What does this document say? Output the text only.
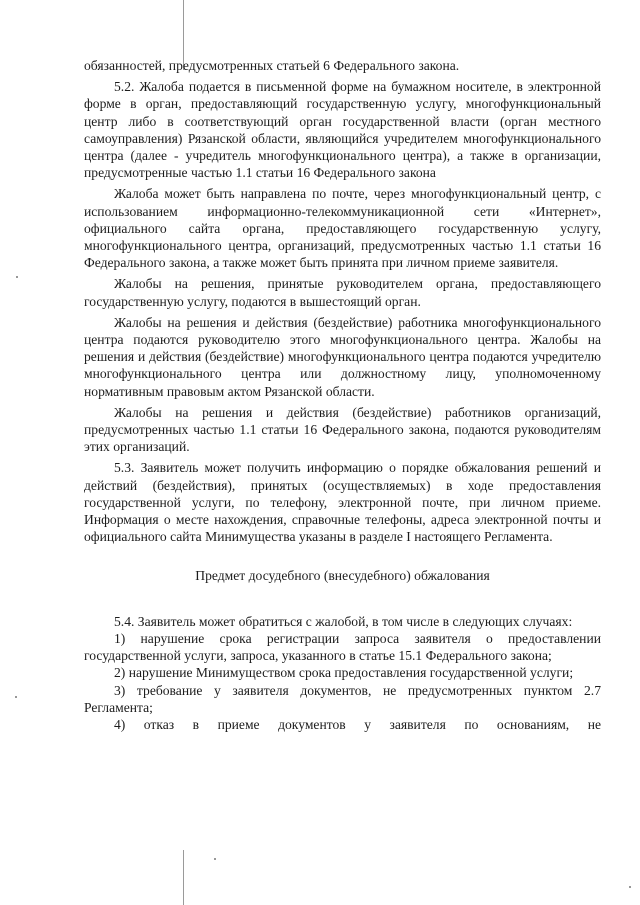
обязанностей, предусмотренных статьей 6 Федерального закона.

5.2. Жалоба подается в письменной форме на бумажном носителе, в электронной форме в орган, предоставляющий государственную услугу, многофункциональный центр либо в соответствующий орган государственной власти (орган местного самоуправления) Рязанской области, являющийся учредителем многофункционального центра (далее - учредитель многофункционального центра), а также в организации, предусмотренные частью 1.1 статьи 16 Федерального закона

Жалоба может быть направлена по почте, через многофункциональный центр, с использованием информационно-телекоммуникационной сети «Интернет», официального сайта органа, предоставляющего государственную услугу, многофункционального центра, организаций, предусмотренных частью 1.1 статьи 16 Федерального закона, а также может быть принята при личном приеме заявителя.

Жалобы на решения, принятые руководителем органа, предоставляющего государственную услугу, подаются в вышестоящий орган.

Жалобы на решения и действия (бездействие) работника многофункционального центра подаются руководителю этого многофункционального центра. Жалобы на решения и действия (бездействие) многофункционального центра подаются учредителю многофункционального центра или должностному лицу, уполномоченному нормативным правовым актом Рязанской области.

Жалобы на решения и действия (бездействие) работников организаций, предусмотренных частью 1.1 статьи 16 Федерального закона, подаются руководителям этих организаций.

5.3. Заявитель может получить информацию о порядке обжалования решений и действий (бездействия), принятых (осуществляемых) в ходе предоставления государственной услуги, по телефону, электронной почте, при личном приеме. Информация о месте нахождения, справочные телефоны, адреса электронной почты и официального сайта Минимущества указаны в разделе I настоящего Регламента.

Предмет досудебного (внесудебного) обжалования

5.4. Заявитель может обратиться с жалобой, в том числе в следующих случаях:

1) нарушение срока регистрации запроса заявителя о предоставлении государственной услуги, запроса, указанного в статье 15.1 Федерального закона;

2) нарушение Минимуществом срока предоставления государственной услуги;

3) требование у заявителя документов, не предусмотренных пунктом 2.7 Регламента;

4) отказ в приеме документов у заявителя по основаниям, не
